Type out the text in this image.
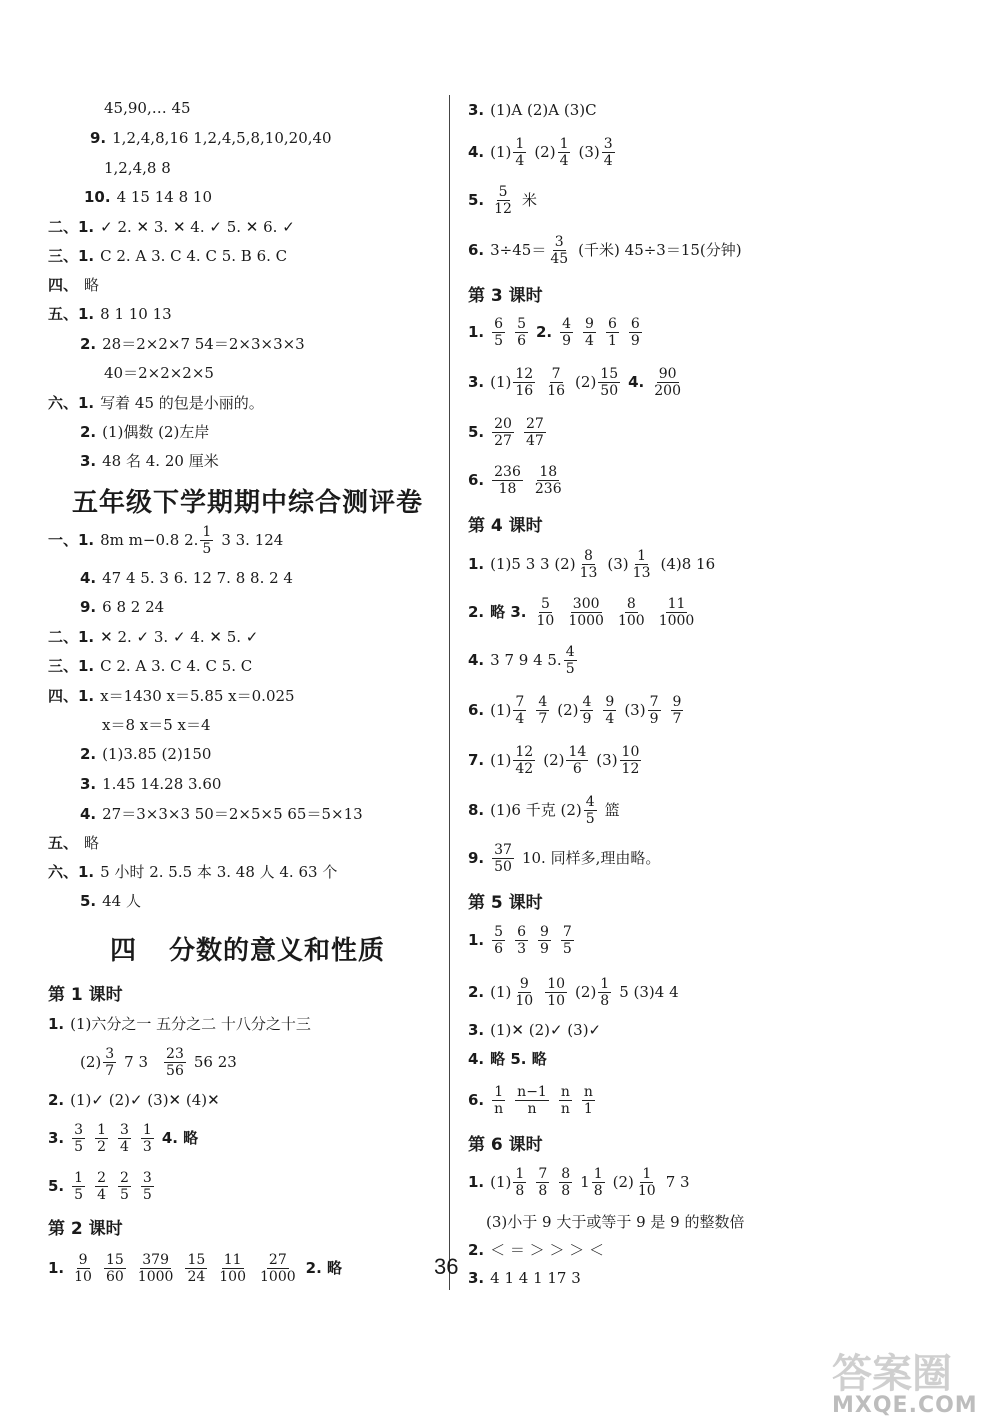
45,90,… 45
9. 1,2,4,8,16 1,2,4,5,8,10,20,40
1,2,4,8 8
10. 4 15 14 8 10
二、1. ✓ 2. ✕ 3. ✕ 4. ✓ 5. ✕ 6. ✓
三、1. C 2. A 3. C 4. C 5. B 6. C
四、 略
五、1. 8 1 10 13
2. 28＝2×2×7 54＝2×3×3×3
40＝2×2×2×5
六、1. 写着 45 的包是小丽的。
2. (1)偶数 (2)左岸
3. 48 名 4. 20 厘米
五年级下学期期中综合测评卷
一、1. 8m m−0.8 2. $\frac{1}{5} 3$ 3. 124
4. 47 4 5. 3 6. 12 7. 8 8. 2 4
9. 6 8 2 24
二、1. ✕ 2. ✓ 3. ✓ 4. ✕ 5. ✓
三、1. C 2. A 3. C 4. C 5. C
四、1. x＝1430 x＝5.85 x＝0.025
x＝8 x＝5 x＝4
2. (1)3.85 (2)150
3. 1.45 14.28 3.60
4. 27＝3×3×3 50＝2×5×5 65＝5×13
五、 略
六、1. 5 小时 2. 5.5 本 3. 48 人 4. 63 个
5. 44 人
四 分数的意义和性质
第 1 课时
1. (1)六分之一 五分之二 十八分之十三
$(2) \frac{3}{7} 7$ $3 \frac{23}{56} 56$ 23
2. (1)✓ (2)✓ (3)✕ (4)✕
3. $\frac{3}{5} \frac{1}{2} \frac{3}{4} \frac{1}{3} 4$. 略
5. $\frac{1}{5} \frac{2}{4} \frac{2}{5} \frac{3}{5}$
第 2 课时
1. $\frac{9}{10} \frac{15}{60} \frac{379}{1000} \frac{15}{24} \frac{11}{100} \frac{27}{1000} 2$. 略
3. (1)A (2)A (3)C
4. $(1) \frac{1}{4} (2) \frac{1}{4} (3) \frac{3}{4}$
5. $\frac{5}{12}$ 米
6. $3\div 45= \frac{3}{45}$ (千米) 45÷3＝15(分钟)
第 3 课时
1. $\frac{6}{5} \frac{5}{6} 2$. $\frac{4}{9} \frac{9}{4} \frac{6}{1} \frac{6}{9}$
3. $(1) \frac{12}{16} \frac{7}{16} (2) \frac{15}{50} 4$. $\frac{90}{200}$
5. $\frac{20}{27} \frac{27}{47}$
6. $\frac{236}{18} \frac{18}{236}$
第 4 课时
1. (1)5 3 3 $(2) \frac{8}{13} (3) \frac{1}{13} (4)8$ 16
2. 略 3. $\frac{5}{10} \frac{300}{1000} \frac{8}{100} \frac{11}{1000}$
4. 3 7 9 4 5. $\frac{4}{5}$
6. $(1) \frac{7}{4} \frac{4}{7} (2) \frac{4}{9} \frac{9}{4} (3) \frac{7}{9} \frac{9}{7}$
7. $(1) \frac{12}{42} (2) \frac{14}{6} (3) \frac{10}{12}$
8. (1)6 千克 $(2) \frac{4}{5}$ 篮
9. $\frac{37}{50} 10$. 同样多,理由略。
第 5 课时
1. $\frac{5}{6} \frac{6}{3} \frac{9}{9} \frac{7}{5}$
2. $(1) \frac{9}{10} \frac{10}{10} (2) \frac{1}{8} 5$ (3)4 4
3. (1)✕ (2)✓ (3)✓
4. 略 5. 略
6. $\frac{1}{n} \frac{n-1}{n} \frac{n}{n} \frac{n}{1}$
第 6 课时
1. $(1) \frac{1}{8} \frac{7}{8} \frac{8}{8} 1 \frac{1}{8} (2) \frac{1}{10} 7$ 3
(3)小于 9 大于或等于 9 是 9 的整数倍
2. ＜ ＝ ＞ ＞ ＞ ＜
3. 4 1 4 1 17 3
36
答案圈
MXQE.COM
